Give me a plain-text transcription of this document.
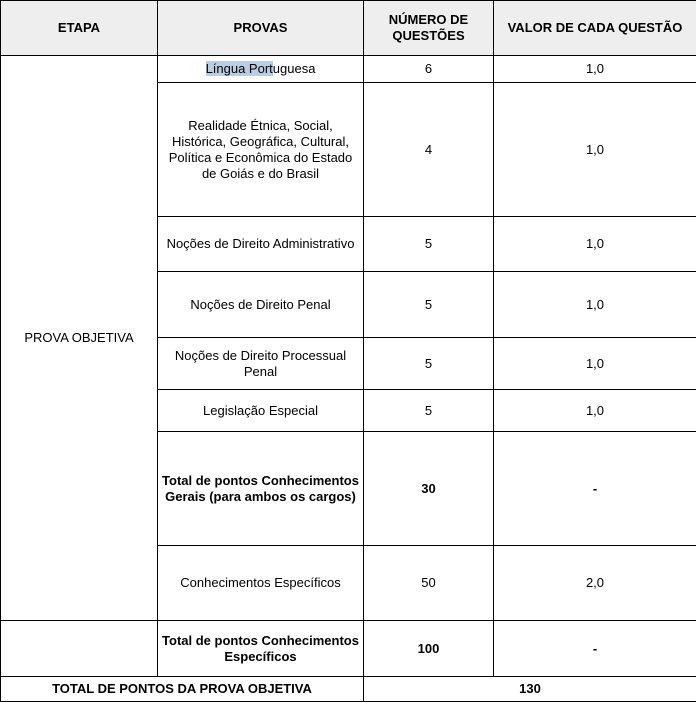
ETAPA	PROVAS	NÚMERO DE QUESTÕES	VALOR DE CADA QUESTÃO
PROVA OBJETIVA	Língua Portuguesa	6	1,0
	Realidade Étnica, Social, Histórica, Geográfica, Cultural, Política e Econômica do Estado de Goiás e do Brasil	4	1,0
	Noções de Direito Administrativo	5	1,0
	Noções de Direito Penal	5	1,0
	Noções de Direito Processual Penal	5	1,0
	Legislação Especial	5	1,0
	Total de pontos Conhecimentos Gerais (para ambos os cargos)	30	-
	Conhecimentos Específicos	50	2,0
	Total de pontos Conhecimentos Específicos	100	-
TOTAL DE PONTOS DA PROVA OBJETIVA		130	
